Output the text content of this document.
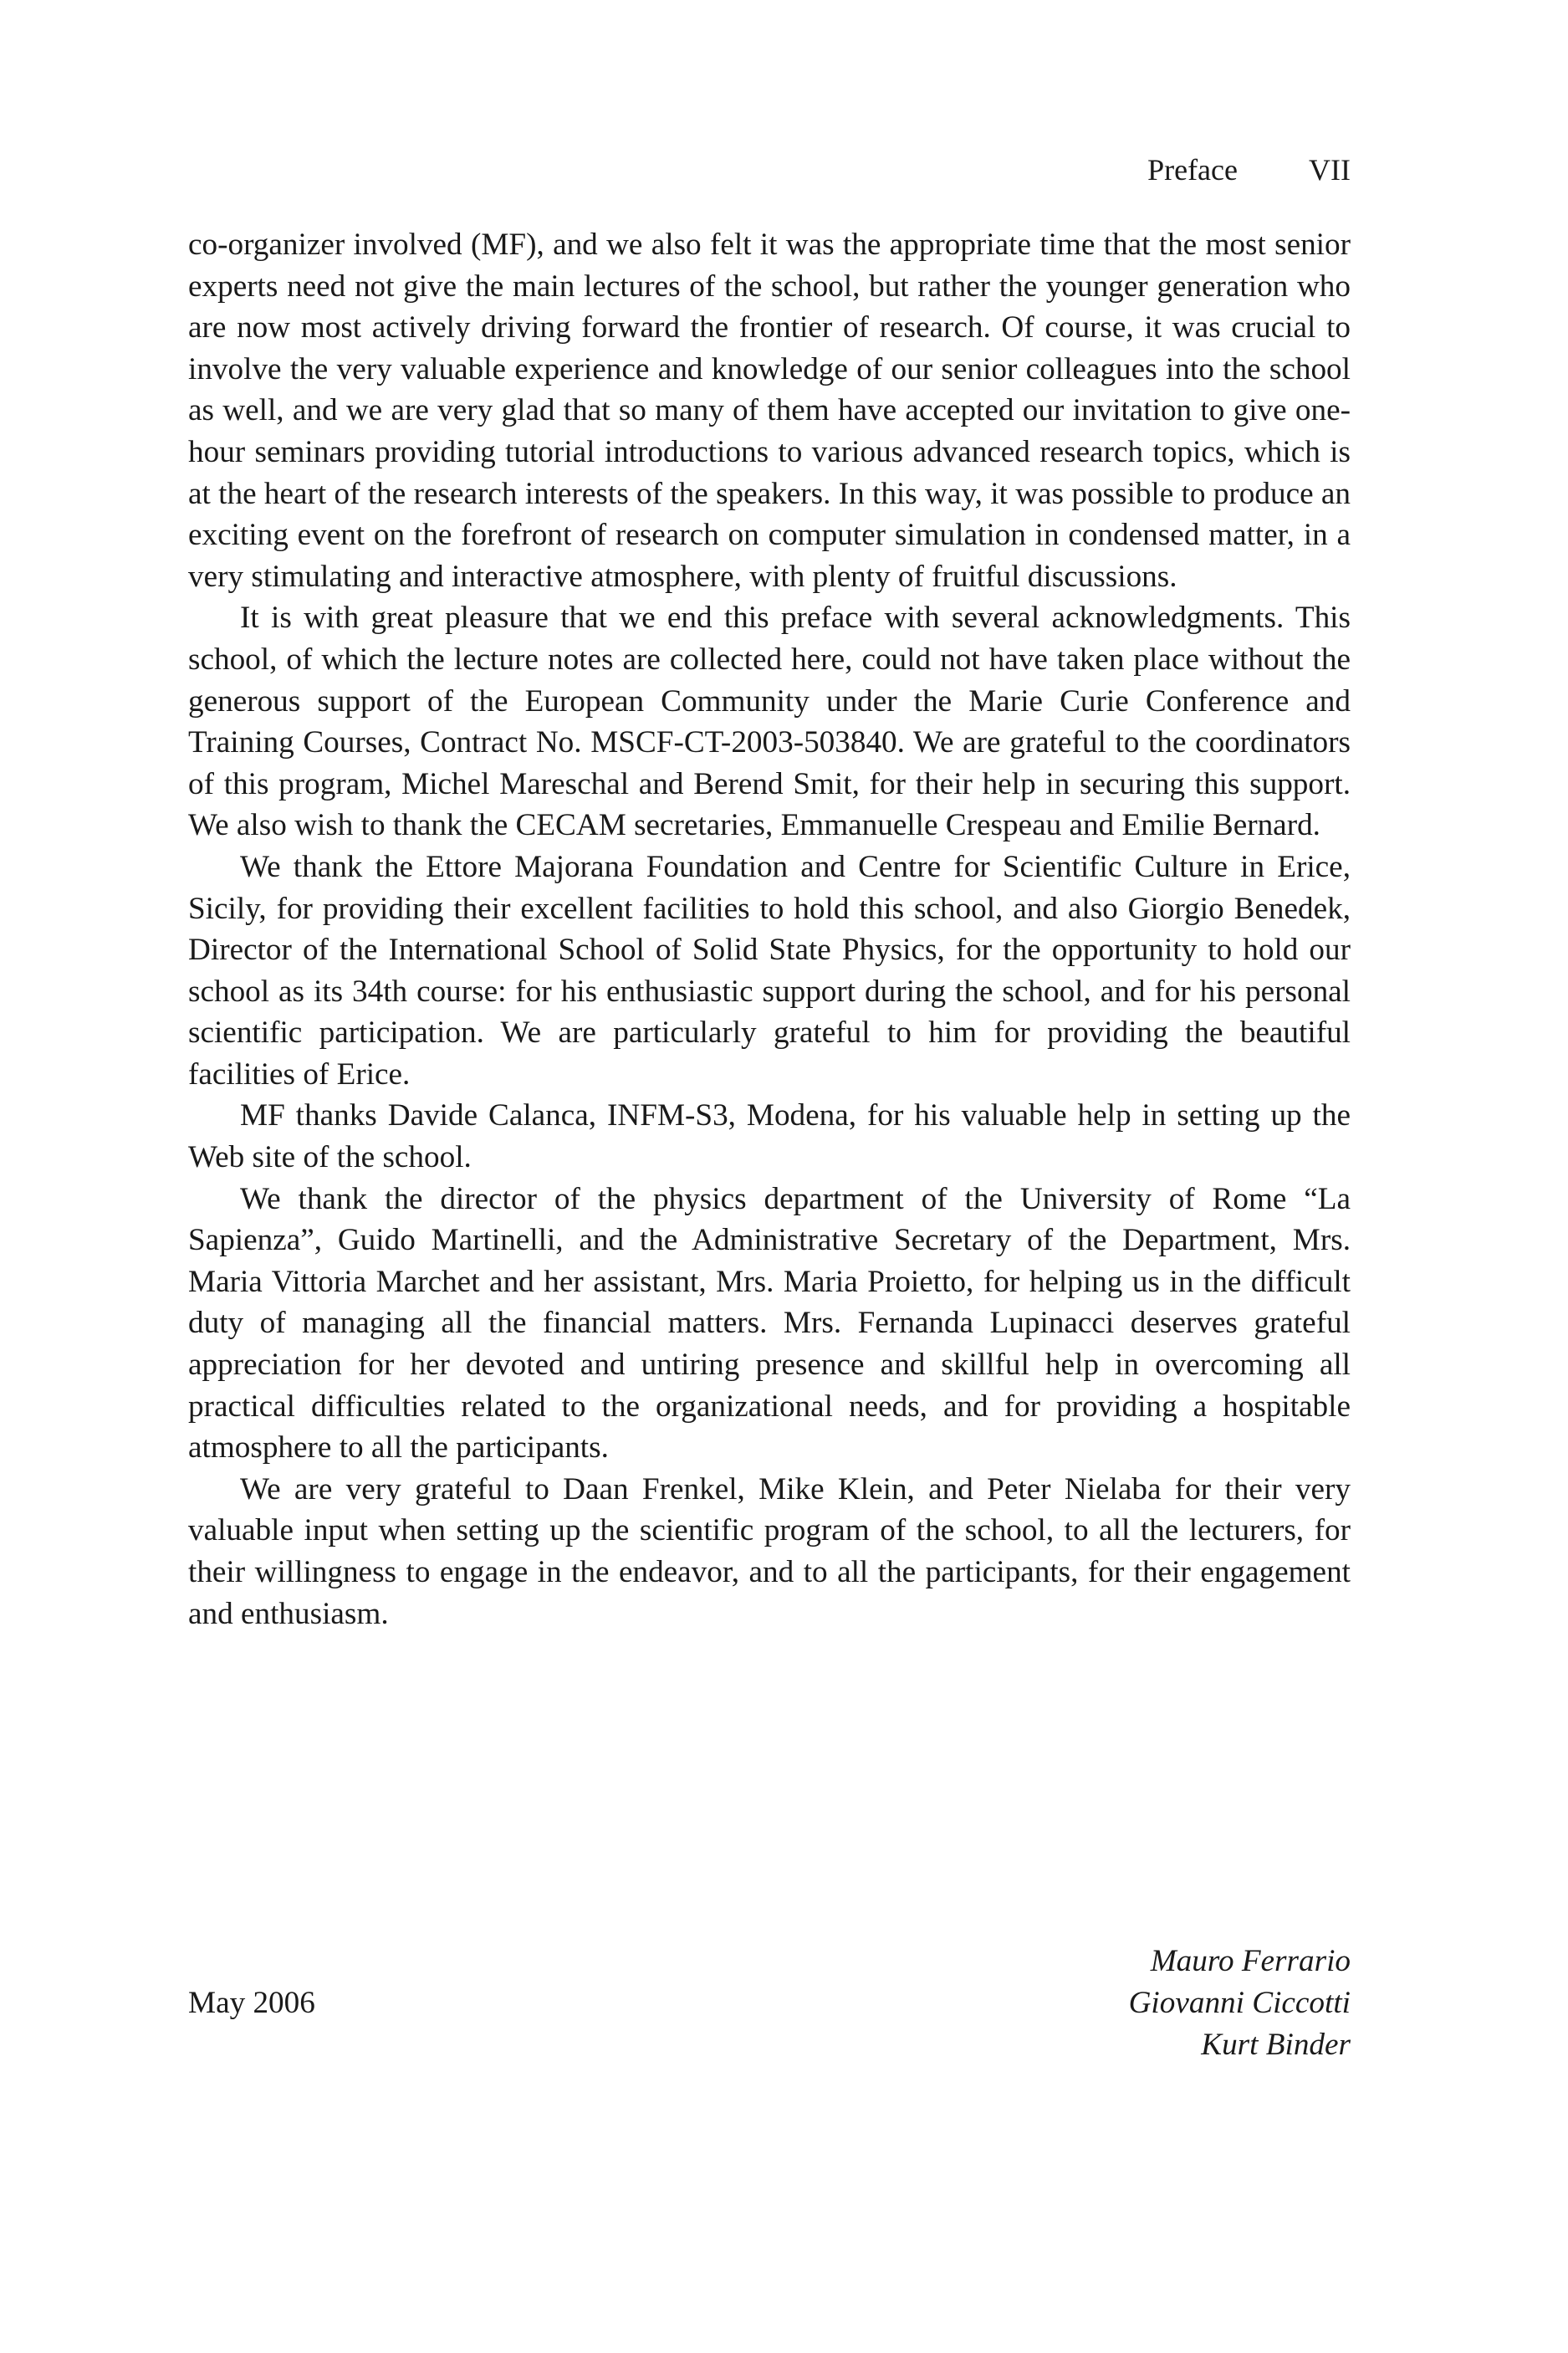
Preface VII

co-organizer involved (MF), and we also felt it was the appropriate time that the most senior experts need not give the main lectures of the school, but rather the younger generation who are now most actively driving forward the frontier of research. Of course, it was crucial to involve the very valuable experience and knowledge of our senior colleagues into the school as well, and we are very glad that so many of them have accepted our invitation to give one-hour seminars providing tutorial introductions to various advanced research topics, which is at the heart of the research interests of the speakers. In this way, it was possible to produce an exciting event on the forefront of research on computer simulation in condensed matter, in a very stimulating and interactive atmosphere, with plenty of fruitful discussions.

It is with great pleasure that we end this preface with several acknowledgments. This school, of which the lecture notes are collected here, could not have taken place without the generous support of the European Community under the Marie Curie Conference and Training Courses, Contract No. MSCF-CT-2003-503840. We are grateful to the coordinators of this program, Michel Mareschal and Berend Smit, for their help in securing this support. We also wish to thank the CECAM secretaries, Emmanuelle Crespeau and Emilie Bernard.

We thank the Ettore Majorana Foundation and Centre for Scientific Culture in Erice, Sicily, for providing their excellent facilities to hold this school, and also Giorgio Benedek, Director of the International School of Solid State Physics, for the opportunity to hold our school as its 34th course: for his enthusiastic support during the school, and for his personal scientific participation. We are particularly grateful to him for providing the beautiful facilities of Erice.

MF thanks Davide Calanca, INFM-S3, Modena, for his valuable help in setting up the Web site of the school.

We thank the director of the physics department of the University of Rome “La Sapienza”, Guido Martinelli, and the Administrative Secretary of the Department, Mrs. Maria Vittoria Marchet and her assistant, Mrs. Maria Proietto, for helping us in the difficult duty of managing all the financial matters. Mrs. Fernanda Lupinacci deserves grateful appreciation for her devoted and untiring presence and skillful help in overcoming all practical difficulties related to the organizational needs, and for providing a hospitable atmosphere to all the participants.

We are very grateful to Daan Frenkel, Mike Klein, and Peter Nielaba for their very valuable input when setting up the scientific program of the school, to all the lecturers, for their willingness to engage in the endeavor, and to all the participants, for their engagement and enthusiasm.

May 2006
Mauro Ferrario
Giovanni Ciccotti
Kurt Binder
